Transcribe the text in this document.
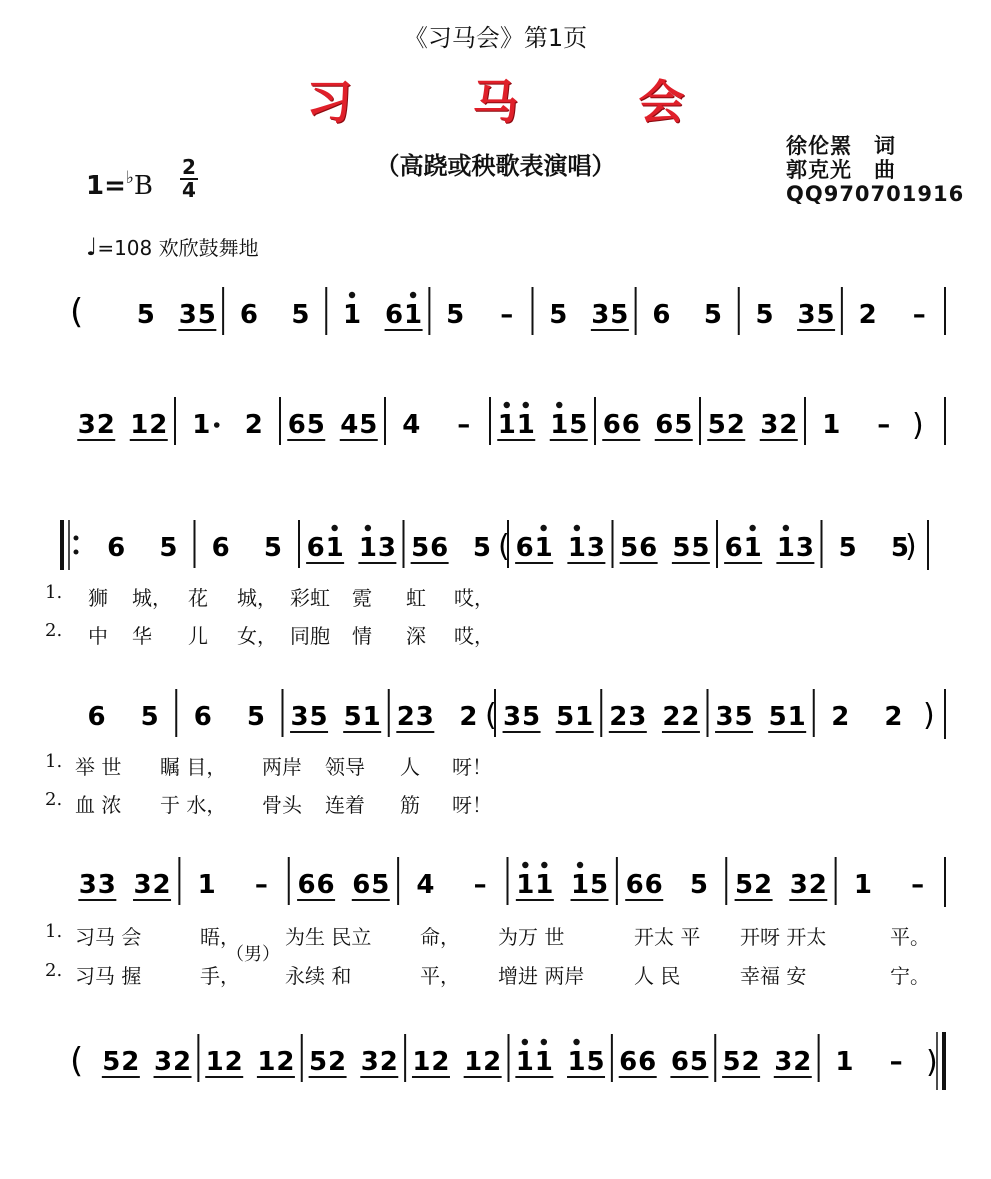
《习马会》第1页
习 马 会
（高跷或秧歌表演唱）
徐伦罴　词
郭克光　曲
QQ970701916
1=♭B
2
4
♩=108 欢欣鼓舞地
( 5 3 5 6 5 1 6 1 5 – 5 3 5 6 5 5 3 5 2 –
3 2 1 2 1 2 6 5 4 5 4 – 1 1 1 5 6 6 6 5 5 2 3 2 1 – )
(
6 5 6 5 6 1 1 3 5 6 5 6 1 1 3 5 6 5 5 6 1 1 3 5 5
)
(
6 5 6 5 3 5 5 1 2 3 2 3 5 5 1 2 3 2 2 3 5 5 1 2 2 )
3 3 3 2 1 – 6 6 6 5 4 – 1 1 1 5 6 6 5 5 2 3 2 1 –
( 5 2 3 2 1 2 1 2 5 2 3 2 1 2 1 2 1 1 1 5 6 6 6 5 5 2 3 2 1 – )
1. 狮 城， 花 城， 彩虹 霓 虹 哎，
2. 中 华 儿 女， 同胞 情 深 哎，
1. 举 世 瞩 目， 两岸 领导 人 呀！
2. 血 浓 于 水， 骨头 连着 筋 呀！
1. 习马 会	晤， 为生 民立 命， 为万 世	开太 平 开呀 开太	平。
2. 习马 握	手， 永续 和	平， 增进 两岸 人 民	幸福 安	宁。
（男）
